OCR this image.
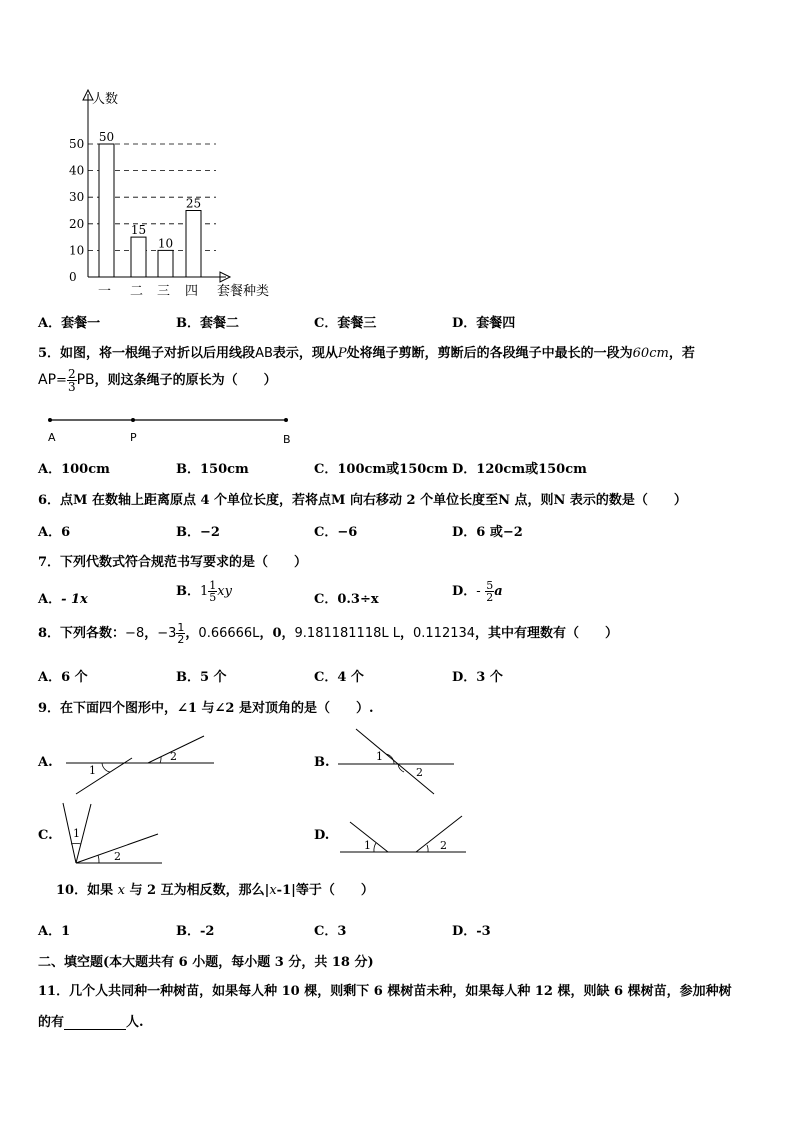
人数
套餐种类
0
10
20
30
40
50 50
15
10
25
一 二 三 四
A．套餐一	B．套餐二	C．套餐三	D．套餐四
5．如图，将一根绳子对折以后用线段AB表示，现从P处将绳子剪断，剪断后的各段绳子中最长的一段为60cm，若
$AP= \frac{2}{3}$ PB，则这条绳子的原长为（　　）
A	P	B
A．100cm	B．150cm	C．100cm或150cm D．120cm或150cm
6．点M 在数轴上距离原点 4 个单位长度，若将点M 向右移动 2 个单位长度至N 点，则N 表示的数是（　　）
A．6	B．−2	C．−6	D．6 或−2
7．下列代数式符合规范书写要求的是（　　）
A．- 1x
B．$1 \frac{1}{5}$ xy
C．0.3÷x
D．- $\frac{5}{2}$ a
8．下列各数：−8，$-3 \frac{1}{2}$ ，0.66666L，0，9.181181118L L，0.112134，其中有理数有（　　）
A．6 个	B．5 个	C．4 个	D．3 个
9．在下面四个图形中，∠1 与∠2 是对顶角的是（　　）.
A.
1
2	B.	1
2
C. 1
2
D.
1	2
10．如果 x 与 2 互为相反数，那么|x-1|等于（　　）
A．1	B．-2	C．3	D．-3
二、填空题(本大题共有 6 小题，每小题 3 分，共 18 分)
11．几个人共同种一种树苗，如果每人种 10 棵，则剩下 6 棵树苗未种，如果每人种 12 棵，则缺 6 棵树苗，参加种树
的有	人.
